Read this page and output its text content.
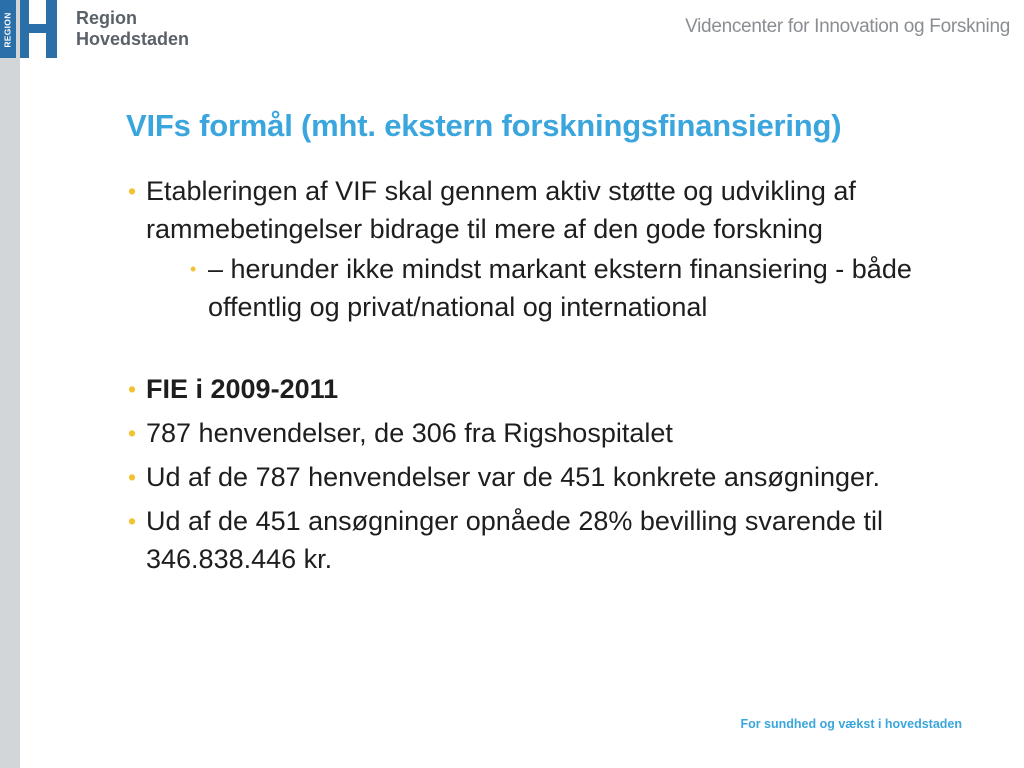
REGION	Region
Hovedstaden
Videncenter for Innovation og Forskning
VIFs formål (mht. ekstern forskningsfinansiering)
• Etableringen af VIF skal gennem aktiv støtte og udvikling af rammebetingelser bidrage til mere af den gode forskning
• – herunder ikke mindst markant ekstern finansiering - både offentlig og privat/national og international
• FIE i 2009-2011
• 787 henvendelser, de 306 fra Rigshospitalet
• Ud af de 787 henvendelser var de 451 konkrete ansøgninger.
• Ud af de 451 ansøgninger opnåede 28% bevilling svarende til 346.838.446 kr.
For sundhed og vækst i hovedstaden
